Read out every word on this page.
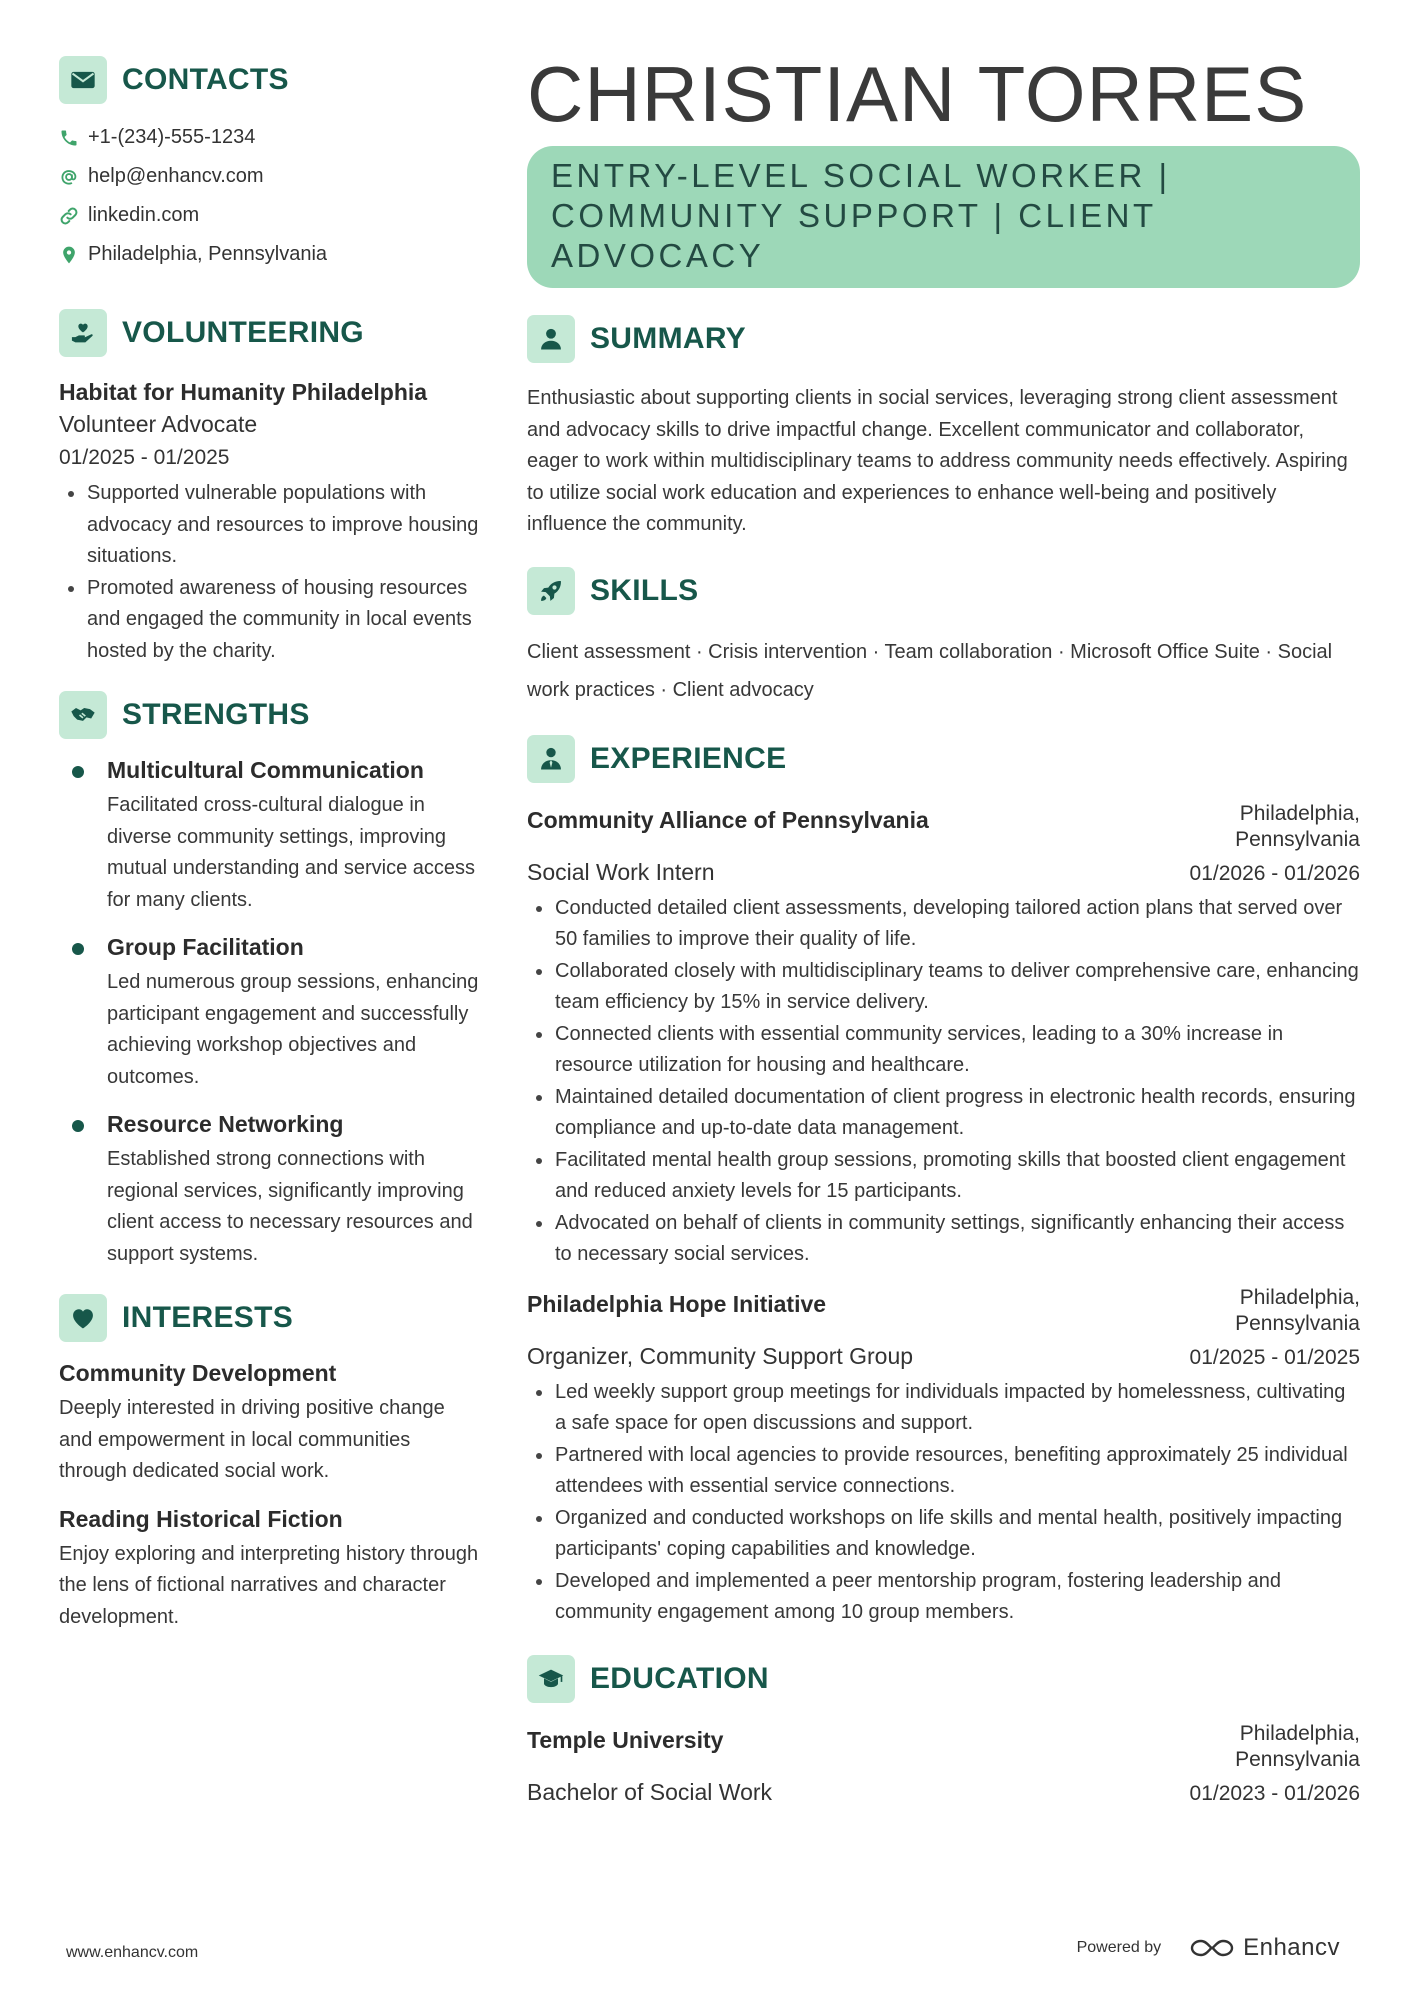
CONTACTS
+1-(234)-555-1234
help@enhancv.com
linkedin.com
Philadelphia, Pennsylvania
VOLUNTEERING
Habitat for Humanity Philadelphia
Volunteer Advocate
01/2025 - 01/2025
Supported vulnerable populations with advocacy and resources to improve housing situations.
Promoted awareness of housing resources and engaged the community in local events hosted by the charity.
STRENGTHS
Multicultural Communication
Facilitated cross-cultural dialogue in diverse community settings, improving mutual understanding and service access for many clients.
Group Facilitation
Led numerous group sessions, enhancing participant engagement and successfully achieving workshop objectives and outcomes.
Resource Networking
Established strong connections with regional services, significantly improving client access to necessary resources and support systems.
INTERESTS
Community Development
Deeply interested in driving positive change and empowerment in local communities through dedicated social work.
Reading Historical Fiction
Enjoy exploring and interpreting history through the lens of fictional narratives and character development.
CHRISTIAN TORRES
ENTRY-LEVEL SOCIAL WORKER | COMMUNITY SUPPORT | CLIENT ADVOCACY
SUMMARY
Enthusiastic about supporting clients in social services, leveraging strong client assessment and advocacy skills to drive impactful change. Excellent communicator and collaborator, eager to work within multidisciplinary teams to address community needs effectively. Aspiring to utilize social work education and experiences to enhance well-being and positively influence the community.
SKILLS
Client assessment · Crisis intervention · Team collaboration · Microsoft Office Suite · Social work practices · Client advocacy
EXPERIENCE
Community Alliance of Pennsylvania	Philadelphia, Pennsylvania
Social Work Intern	01/2026 - 01/2026
Conducted detailed client assessments, developing tailored action plans that served over 50 families to improve their quality of life.
Collaborated closely with multidisciplinary teams to deliver comprehensive care, enhancing team efficiency by 15% in service delivery.
Connected clients with essential community services, leading to a 30% increase in resource utilization for housing and healthcare.
Maintained detailed documentation of client progress in electronic health records, ensuring compliance and up-to-date data management.
Facilitated mental health group sessions, promoting skills that boosted client engagement and reduced anxiety levels for 15 participants.
Advocated on behalf of clients in community settings, significantly enhancing their access to necessary social services.
Philadelphia Hope Initiative	Philadelphia, Pennsylvania
Organizer, Community Support Group	01/2025 - 01/2025
Led weekly support group meetings for individuals impacted by homelessness, cultivating a safe space for open discussions and support.
Partnered with local agencies to provide resources, benefiting approximately 25 individual attendees with essential service connections.
Organized and conducted workshops on life skills and mental health, positively impacting participants' coping capabilities and knowledge.
Developed and implemented a peer mentorship program, fostering leadership and community engagement among 10 group members.
EDUCATION
Temple University	Philadelphia, Pennsylvania
Bachelor of Social Work	01/2023 - 01/2026
www.enhancv.com	Powered by	Enhancv
